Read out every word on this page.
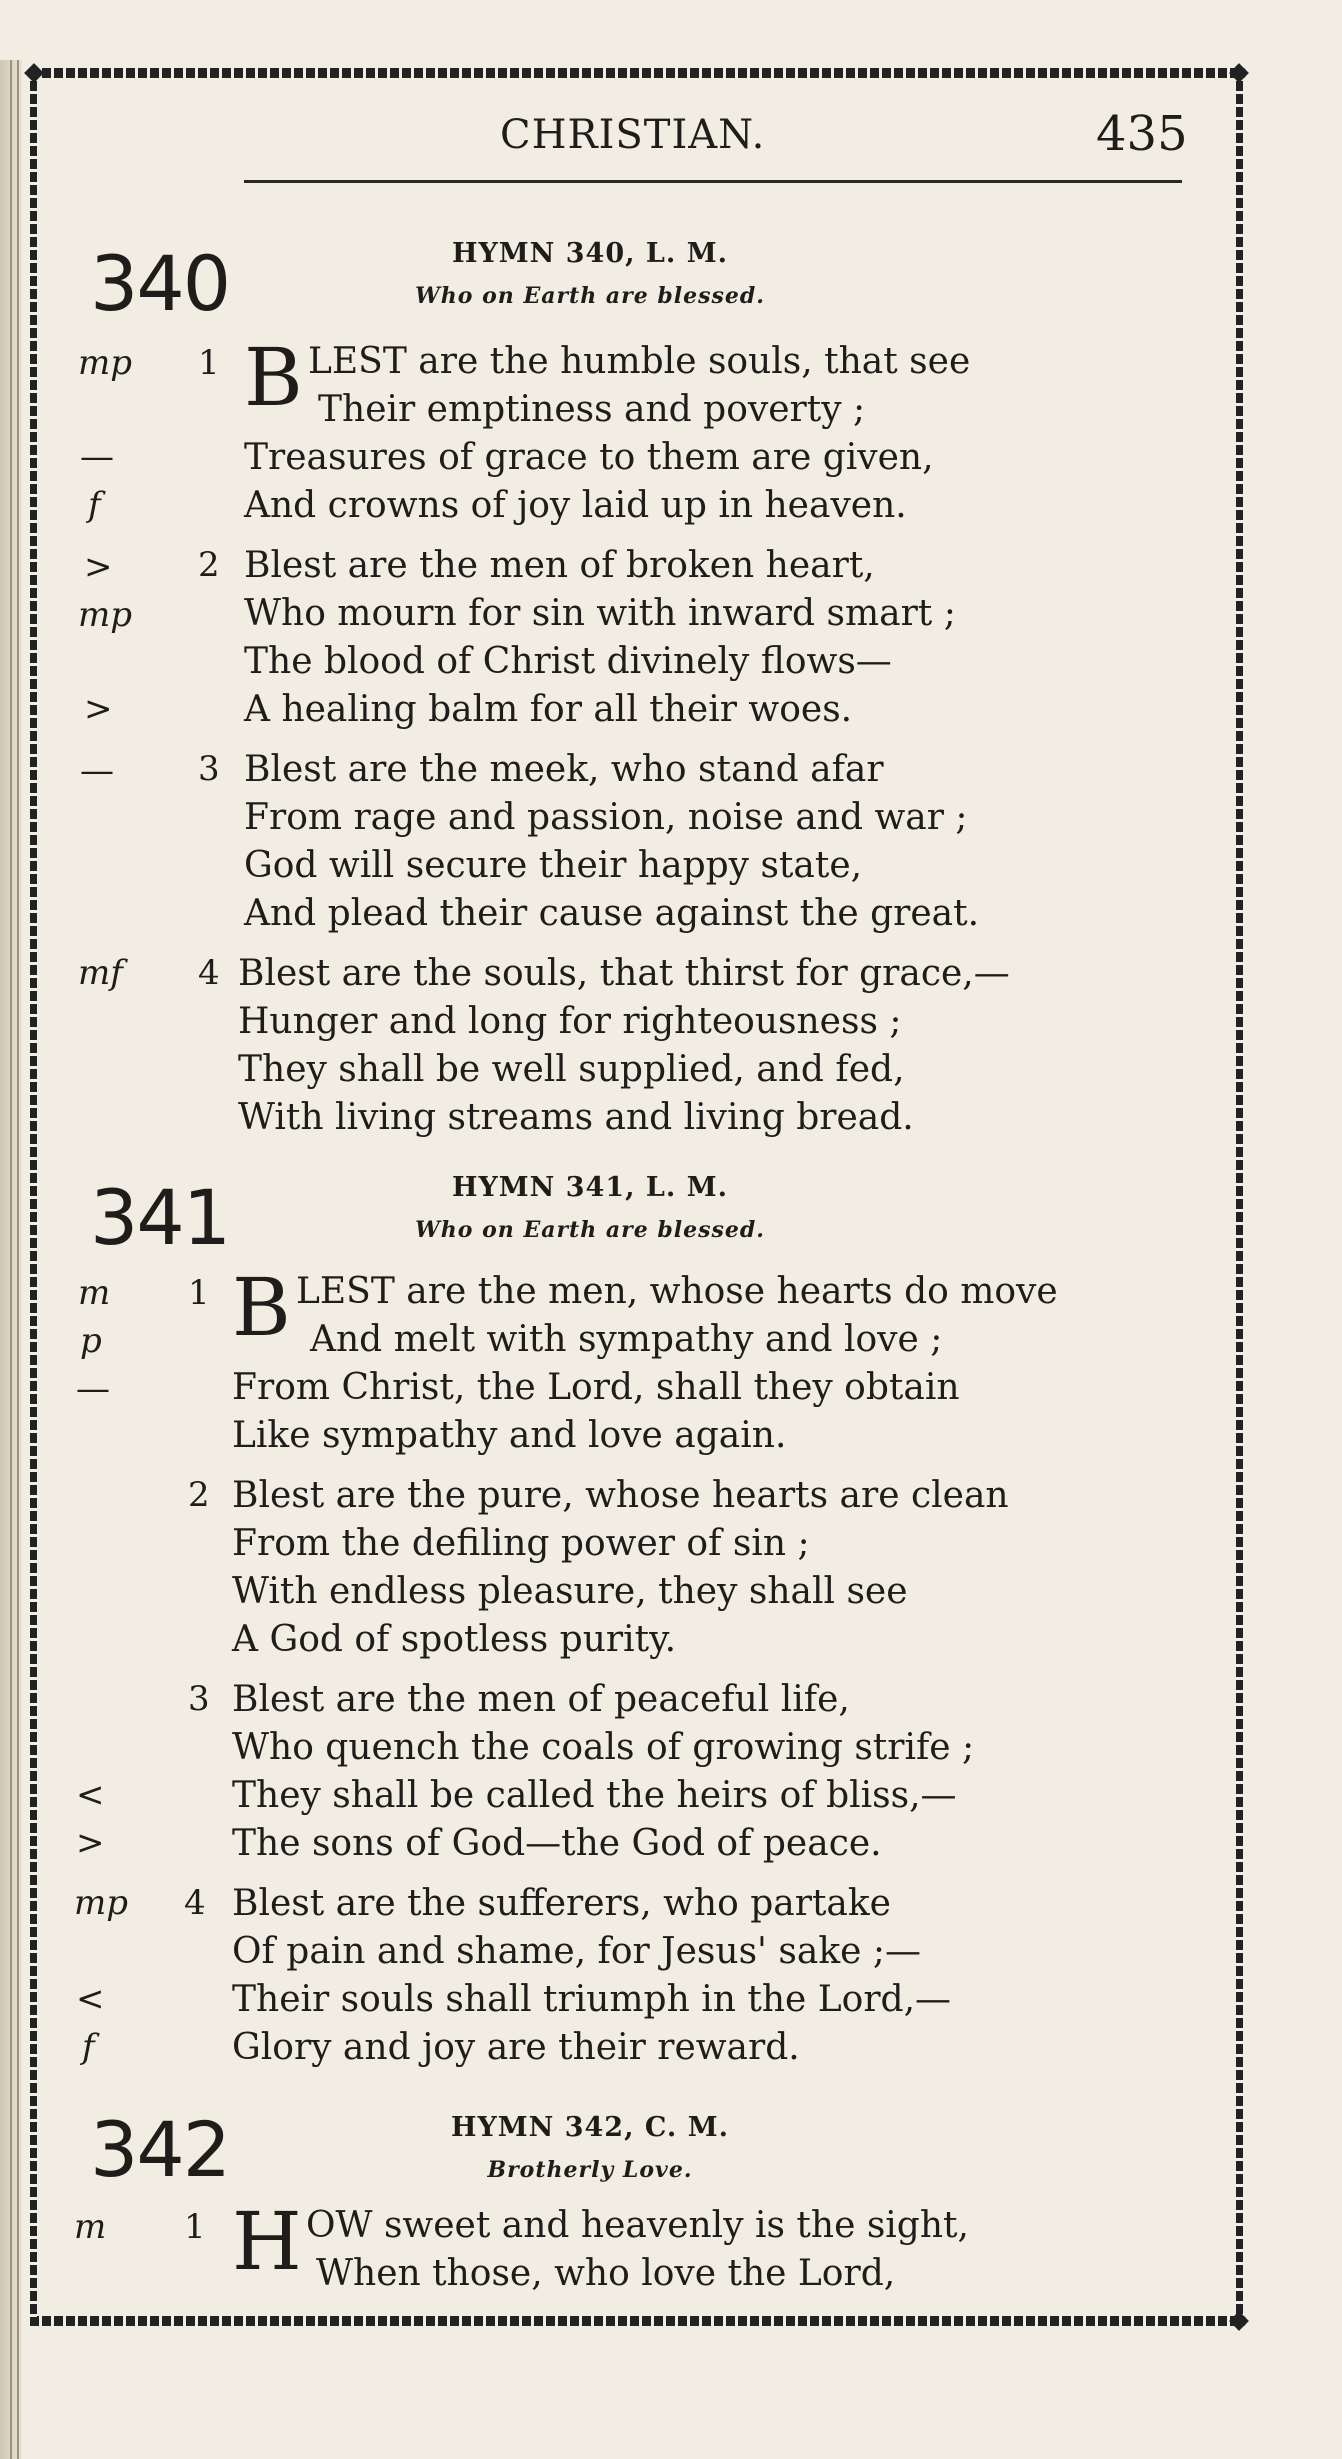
CHRISTIAN.	435
340	HYMN 340, L. M.
Who on Earth are blessed.
mp
—
f
>
mp
>
—
mf
1
2
3
4
B LEST are the humble souls, that see
Their emptiness and poverty ;
Treasures of grace to them are given,
And crowns of joy laid up in heaven.
Blest are the men of broken heart,
Who mourn for sin with inward smart ;
The blood of Christ divinely flows—
A healing balm for all their woes.
Blest are the meek, who stand afar
From rage and passion, noise and war ;
God will secure their happy state,
And plead their cause against the great.
Blest are the souls, that thirst for grace,—
Hunger and long for righteousness ;
They shall be well supplied, and fed,
With living streams and living bread.
341	HYMN 341, L. M.
Who on Earth are blessed.
m
p
—
<
>
mp
<
f
1
2
3
4
B LEST are the men, whose hearts do move
And melt with sympathy and love ;
From Christ, the Lord, shall they obtain
Like sympathy and love again.
Blest are the pure, whose hearts are clean
From the defiling power of sin ;
With endless pleasure, they shall see
A God of spotless purity.
Blest are the men of peaceful life,
Who quench the coals of growing strife ;
They shall be called the heirs of bliss,—
The sons of God—the God of peace.
Blest are the sufferers, who partake
Of pain and shame, for Jesus' sake ;—
Their souls shall triumph in the Lord,—
Glory and joy are their reward.
342	HYMN 342, C. M.
Brotherly Love.
m 1 H OW sweet and heavenly is the sight,
When those, who love the Lord,
